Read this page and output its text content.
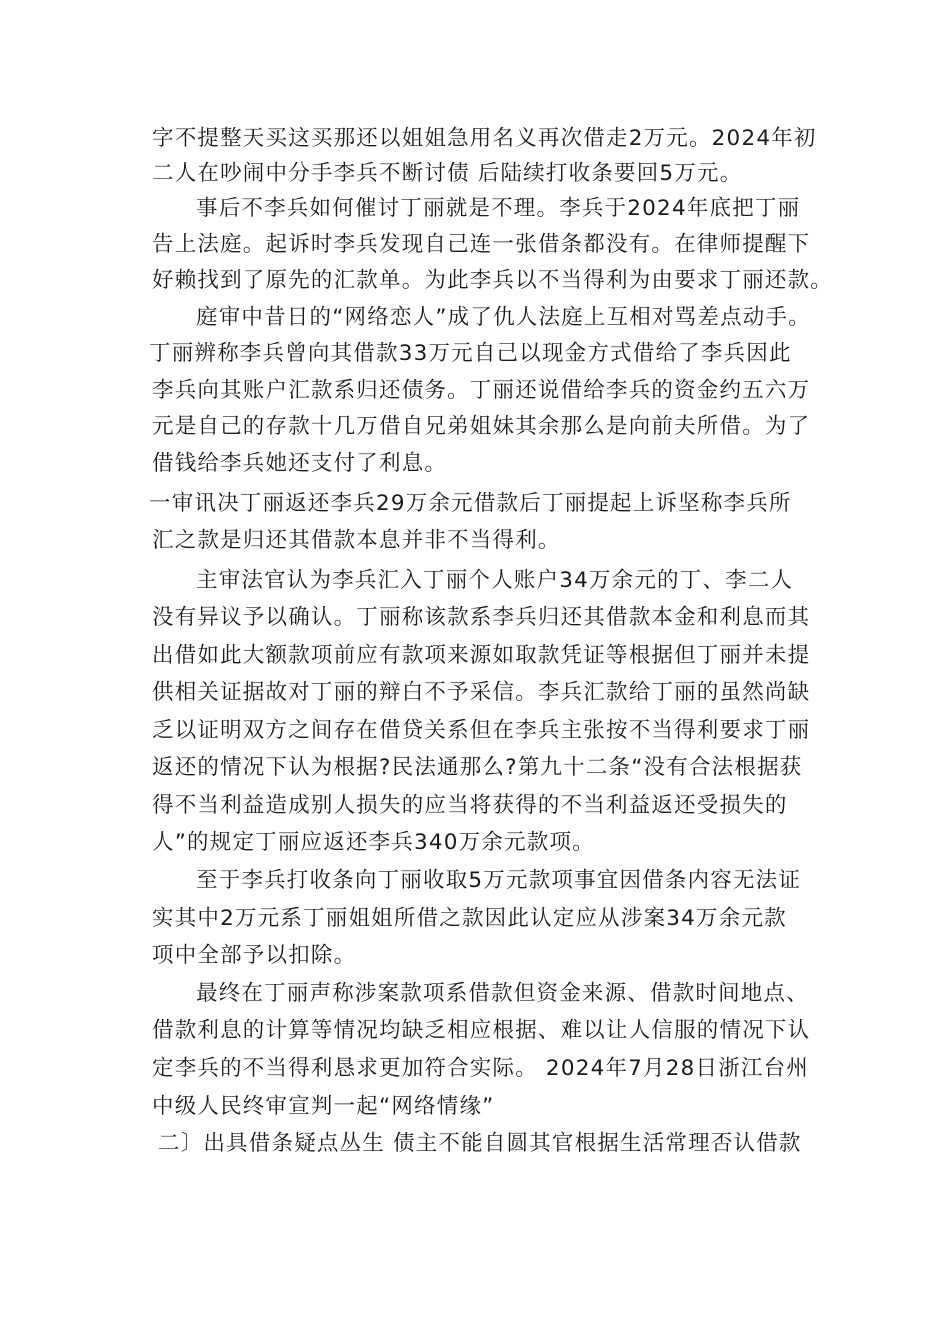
字不提整天买这买那还以姐姐急用名义再次借走2万元。2024年初
二人在吵闹中分手李兵不断讨债 后陆续打收条要回5万元。
事后不李兵如何催讨丁丽就是不理。李兵于2024年底把丁丽
告上法庭。起诉时李兵发现自己连一张借条都没有。在律师提醒下
好赖找到了原先的汇款单。为此李兵以不当得利为由要求丁丽还款。
庭审中昔日的“网络恋人”成了仇人法庭上互相对骂差点动手。
丁丽辨称李兵曾向其借款33万元自己以现金方式借给了李兵因此
李兵向其账户汇款系归还债务。丁丽还说借给李兵的资金约五六万
元是自己的存款十几万借自兄弟姐妹其余那么是向前夫所借。为了
借钱给李兵她还支付了利息。
一审讯决丁丽返还李兵29万余元借款后丁丽提起上诉坚称李兵所
汇之款是归还其借款本息并非不当得利。
主审法官认为李兵汇入丁丽个人账户34万余元的丁、李二人
没有异议予以确认。丁丽称该款系李兵归还其借款本金和利息而其
出借如此大额款项前应有款项来源如取款凭证等根据但丁丽并未提
供相关证据故对丁丽的辩白不予采信。李兵汇款给丁丽的虽然尚缺
乏以证明双方之间存在借贷关系但在李兵主张按不当得利要求丁丽
返还的情况下认为根据?民法通那么?第九十二条“没有合法根据获
得不当利益造成别人损失的应当将获得的不当利益返还受损失的
人”的规定丁丽应返还李兵340万余元款项。
至于李兵打收条向丁丽收取5万元款项事宜因借条内容无法证
实其中2万元系丁丽姐姐所借之款因此认定应从涉案34万余元款
项中全部予以扣除。
最终在丁丽声称涉案款项系借款但资金来源、借款时间地点、
借款利息的计算等情况均缺乏相应根据、难以让人信服的情况下认
定李兵的不当得利恳求更加符合实际。 2024年7月28日浙江台州
中级人民终审宣判一起“网络情缘”
二〕出具借条疑点丛生 债主不能自圆其官根据生活常理否认借款
